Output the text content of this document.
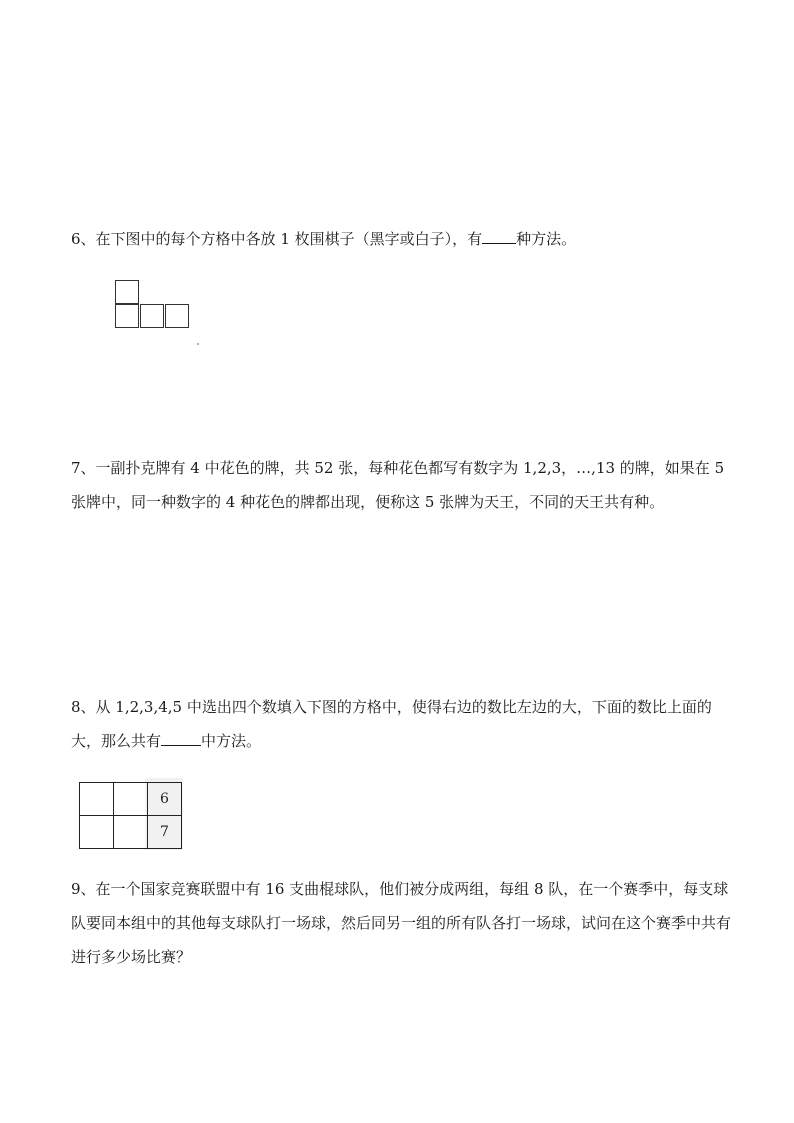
6、在下图中的每个方格中各放 1 枚围棋子（黑字或白子），有 种方法。

7、一副扑克牌有 4 中花色的牌，共 52 张，每种花色都写有数字为 1,2,3，…,13 的牌，如果在 5 张牌中，同一种数字的 4 种花色的牌都出现，便称这 5 张牌为天王，不同的天王共有种。

8、从 1,2,3,4,5 中选出四个数填入下图的方格中，使得右边的数比左边的大，下面的数比上面的大，那么共有	中方法。

6
7

9、在一个国家竞赛联盟中有 16 支曲棍球队，他们被分成两组，每组 8 队，在一个赛季中，每支球队要同本组中的其他每支球队打一场球，然后同另一组的所有队各打一场球，试问在这个赛季中共有进行多少场比赛？
